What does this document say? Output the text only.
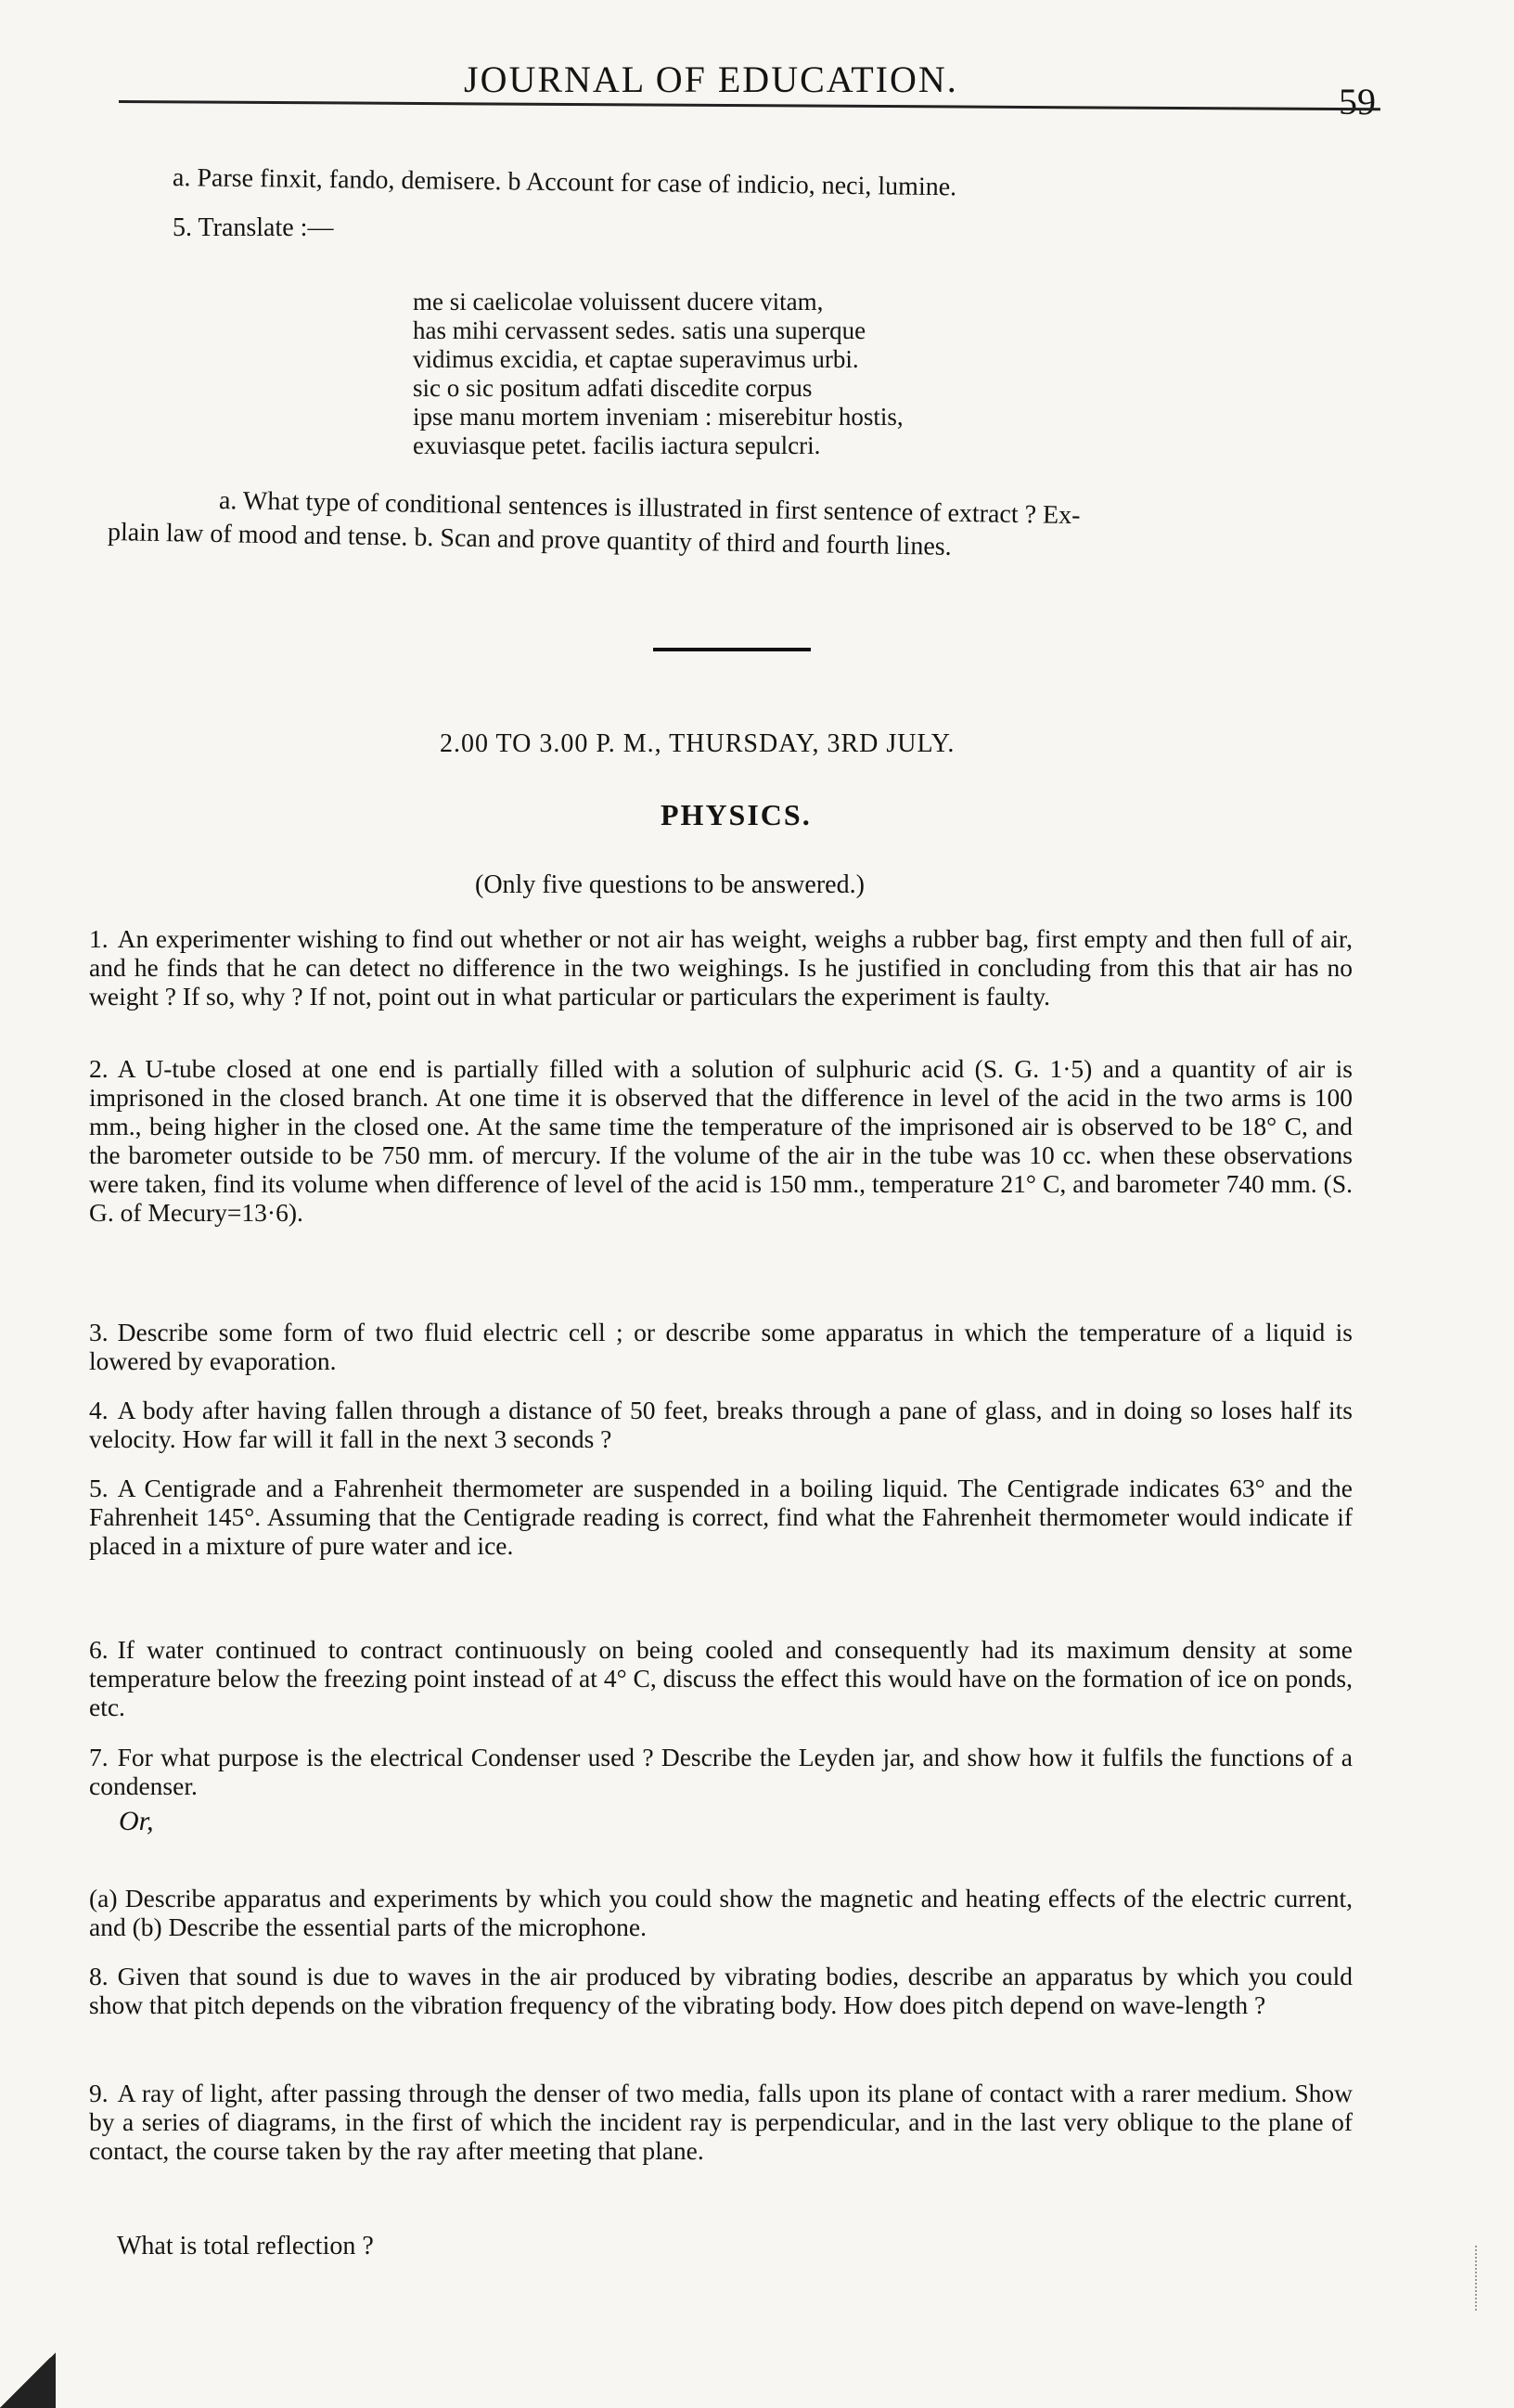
JOURNAL OF EDUCATION.
59
a. Parse finxit, fando, demisere. b Account for case of indicio, neci, lumine.
5. Translate :—
me si caelicolae voluissent ducere vitam,
has mihi cervassent sedes. satis una superque
vidimus excidia, et captae superavimus urbi.
sic o sic positum adfati discedite corpus
ipse manu mortem inveniam : miserebitur hostis,
exuviasque petet. facilis iactura sepulcri.
a. What type of conditional sentences is illustrated in first sentence of extract ? Ex-
plain law of mood and tense. b. Scan and prove quantity of third and fourth lines.
2.00 TO 3.00 P. M., THURSDAY, 3RD JULY.
PHYSICS.
(Only five questions to be answered.)
1. An experimenter wishing to find out whether or not air has weight, weighs a rubber bag, first empty and then full of air, and he finds that he can detect no difference in the two weighings. Is he justified in concluding from this that air has no weight ? If so, why ? If not, point out in what particular or particulars the experiment is faulty.
2. A U-tube closed at one end is partially filled with a solution of sulphuric acid (S. G. 1·5) and a quantity of air is imprisoned in the closed branch. At one time it is observed that the difference in level of the acid in the two arms is 100 mm., being higher in the closed one. At the same time the temperature of the imprisoned air is observed to be 18° C, and the barometer outside to be 750 mm. of mercury. If the volume of the air in the tube was 10 cc. when these observations were taken, find its volume when difference of level of the acid is 150 mm., temperature 21° C, and barometer 740 mm. (S. G. of Mecury=13·6).
3. Describe some form of two fluid electric cell ; or describe some apparatus in which the temperature of a liquid is lowered by evaporation.
4. A body after having fallen through a distance of 50 feet, breaks through a pane of glass, and in doing so loses half its velocity. How far will it fall in the next 3 seconds ?
5. A Centigrade and a Fahrenheit thermometer are suspended in a boiling liquid. The Centigrade indicates 63° and the Fahrenheit 145°. Assuming that the Centigrade reading is correct, find what the Fahrenheit thermometer would indicate if placed in a mixture of pure water and ice.
6. If water continued to contract continuously on being cooled and consequently had its maximum density at some temperature below the freezing point instead of at 4° C, discuss the effect this would have on the formation of ice on ponds, etc.
7. For what purpose is the electrical Condenser used ? Describe the Leyden jar, and show how it fulfils the functions of a condenser.
Or,
(a) Describe apparatus and experiments by which you could show the magnetic and heating effects of the electric current, and (b) Describe the essential parts of the microphone.
8. Given that sound is due to waves in the air produced by vibrating bodies, describe an apparatus by which you could show that pitch depends on the vibration frequency of the vibrating body. How does pitch depend on wave-length ?
9. A ray of light, after passing through the denser of two media, falls upon its plane of contact with a rarer medium. Show by a series of diagrams, in the first of which the incident ray is perpendicular, and in the last very oblique to the plane of contact, the course taken by the ray after meeting that plane.
What is total reflection ?
